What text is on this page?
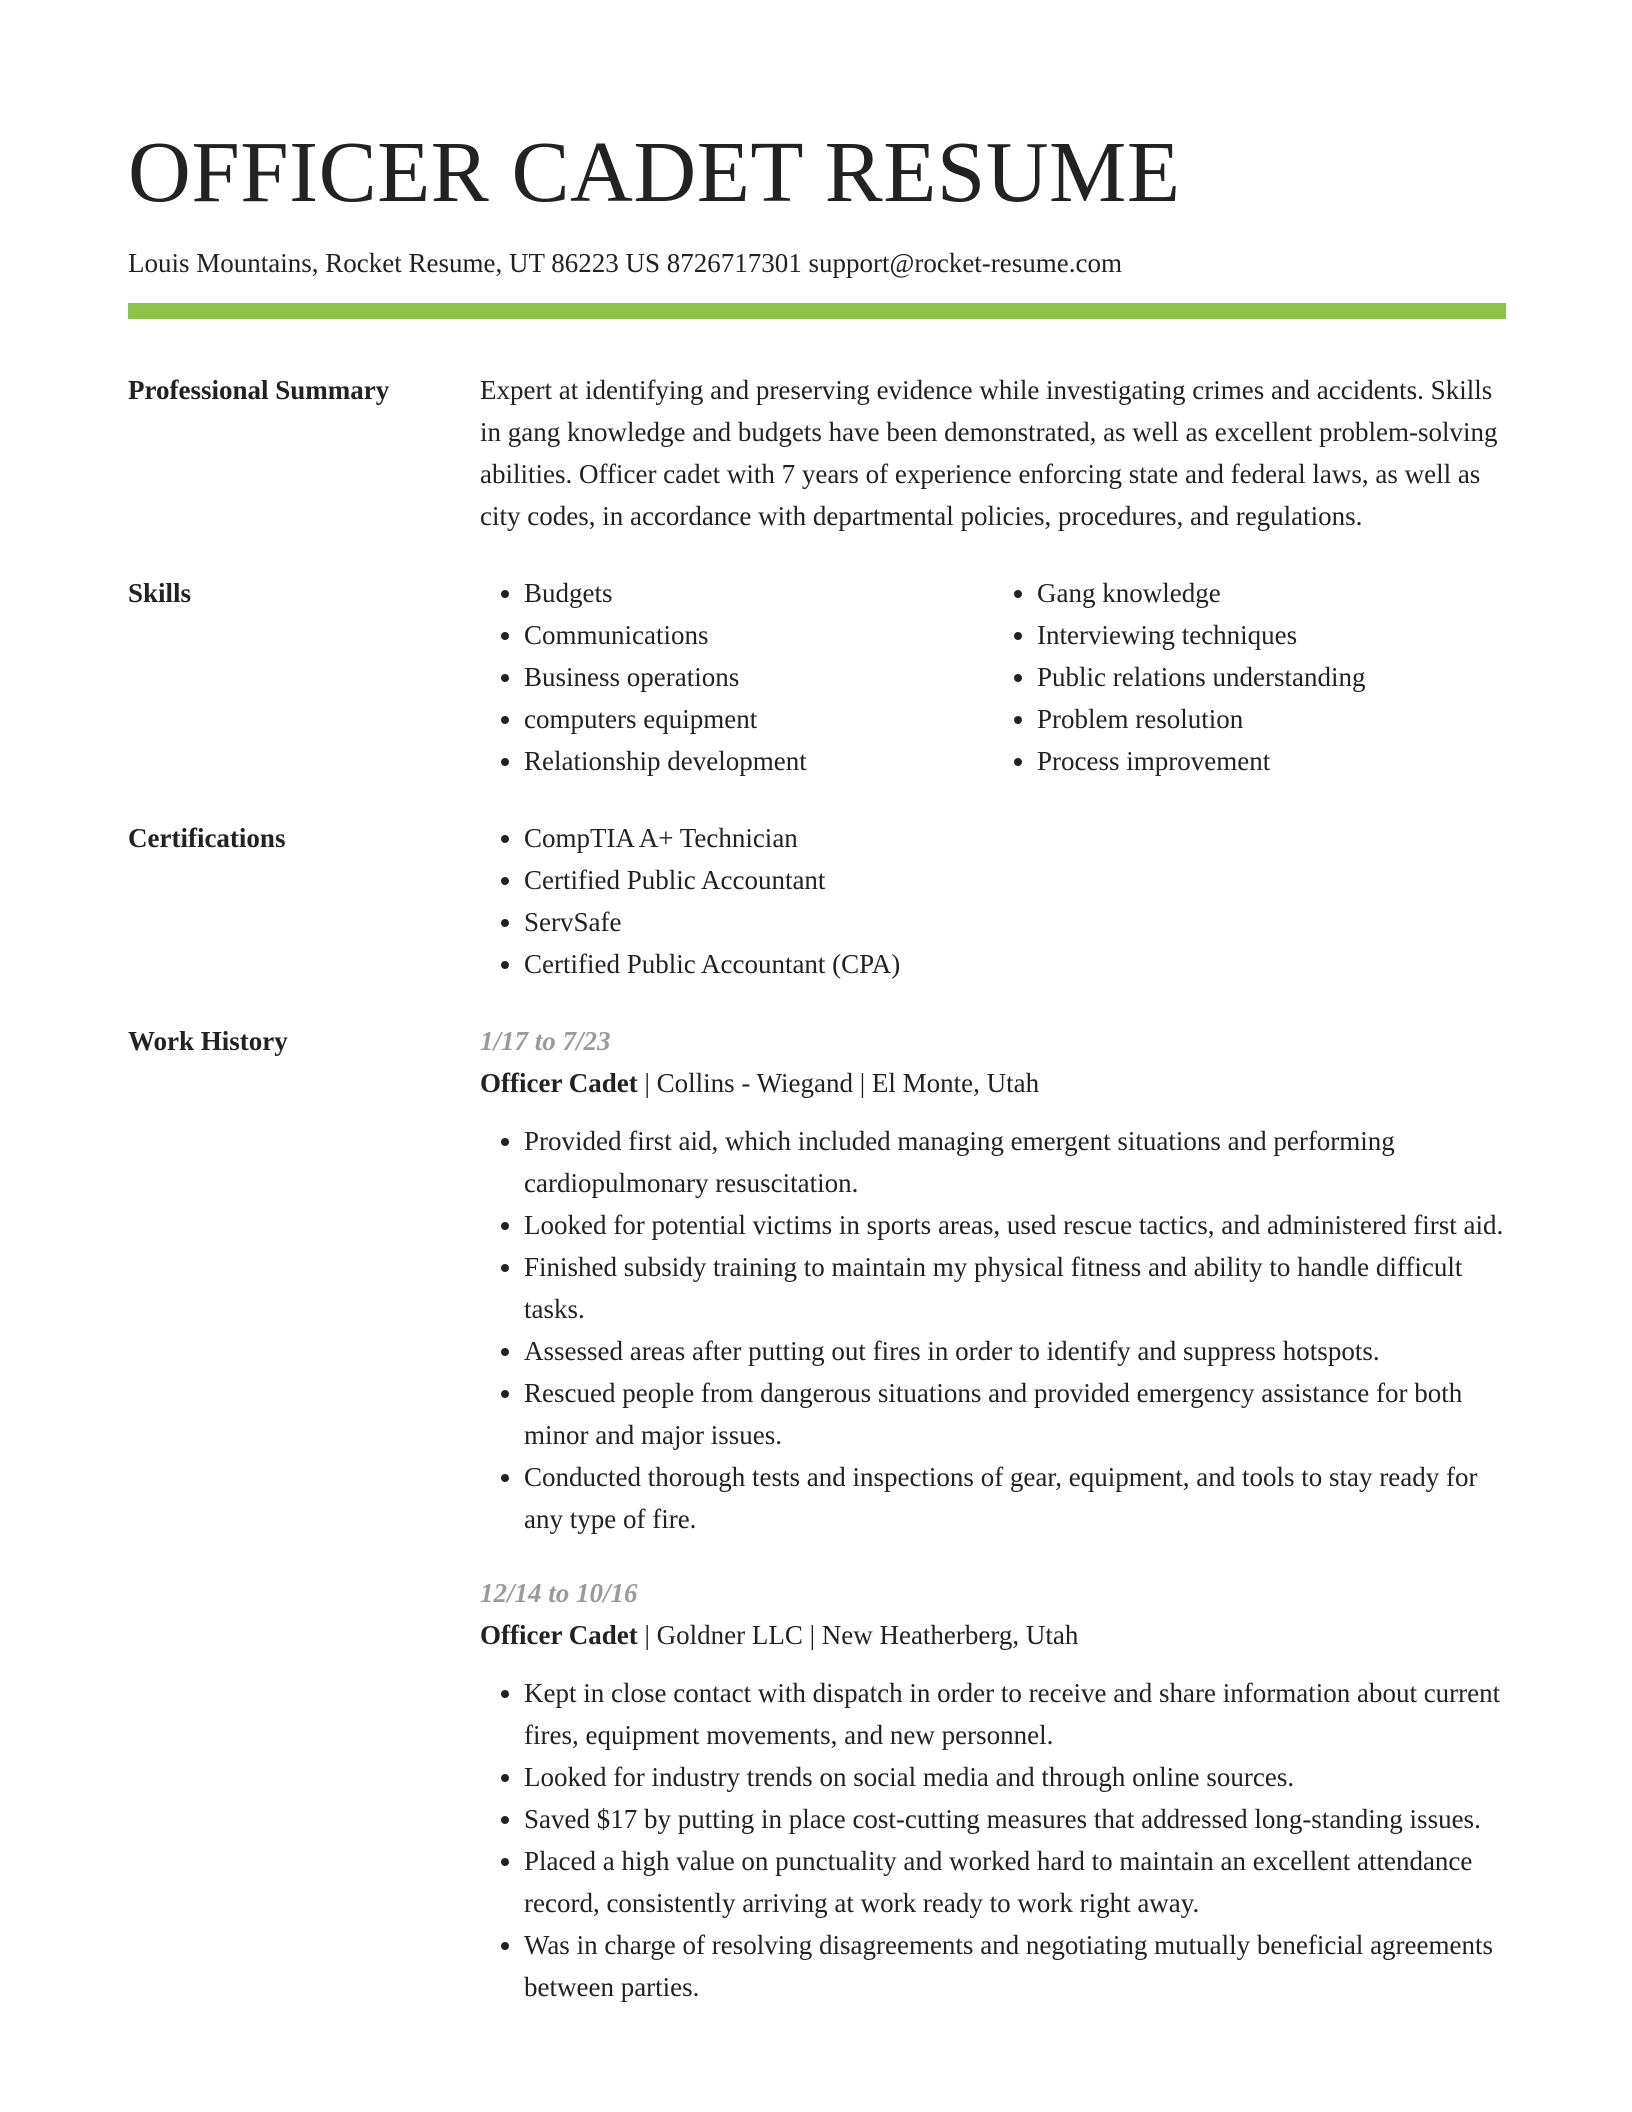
OFFICER CADET RESUME
Louis Mountains, Rocket Resume, UT 86223 US 8726717301 support@rocket-resume.com
Professional Summary	Expert at identifying and preserving evidence while investigating crimes and accidents. Skills in gang knowledge and budgets have been demonstrated, as well as excellent problem-solving abilities. Officer cadet with 7 years of experience enforcing state and federal laws, as well as city codes, in accordance with departmental policies, procedures, and regulations.
Skills	• Budgets
• Communications
• Business operations
• computers equipment
• Relationship development
• Gang knowledge
• Interviewing techniques
• Public relations understanding
• Problem resolution
• Process improvement
Certifications	• CompTIA A+ Technician
• Certified Public Accountant
• ServSafe
• Certified Public Accountant (CPA)
Work History	1/17 to 7/23
Officer Cadet | Collins - Wiegand | El Monte, Utah
• Provided first aid, which included managing emergent situations and performing cardiopulmonary resuscitation.
• Looked for potential victims in sports areas, used rescue tactics, and administered first aid.
• Finished subsidy training to maintain my physical fitness and ability to handle difficult tasks.
• Assessed areas after putting out fires in order to identify and suppress hotspots.
• Rescued people from dangerous situations and provided emergency assistance for both minor and major issues.
• Conducted thorough tests and inspections of gear, equipment, and tools to stay ready for any type of fire.
12/14 to 10/16
Officer Cadet | Goldner LLC | New Heatherberg, Utah
• Kept in close contact with dispatch in order to receive and share information about current fires, equipment movements, and new personnel.
• Looked for industry trends on social media and through online sources.
• Saved $17 by putting in place cost-cutting measures that addressed long-standing issues.
• Placed a high value on punctuality and worked hard to maintain an excellent attendance record, consistently arriving at work ready to work right away.
• Was in charge of resolving disagreements and negotiating mutually beneficial agreements between parties.
